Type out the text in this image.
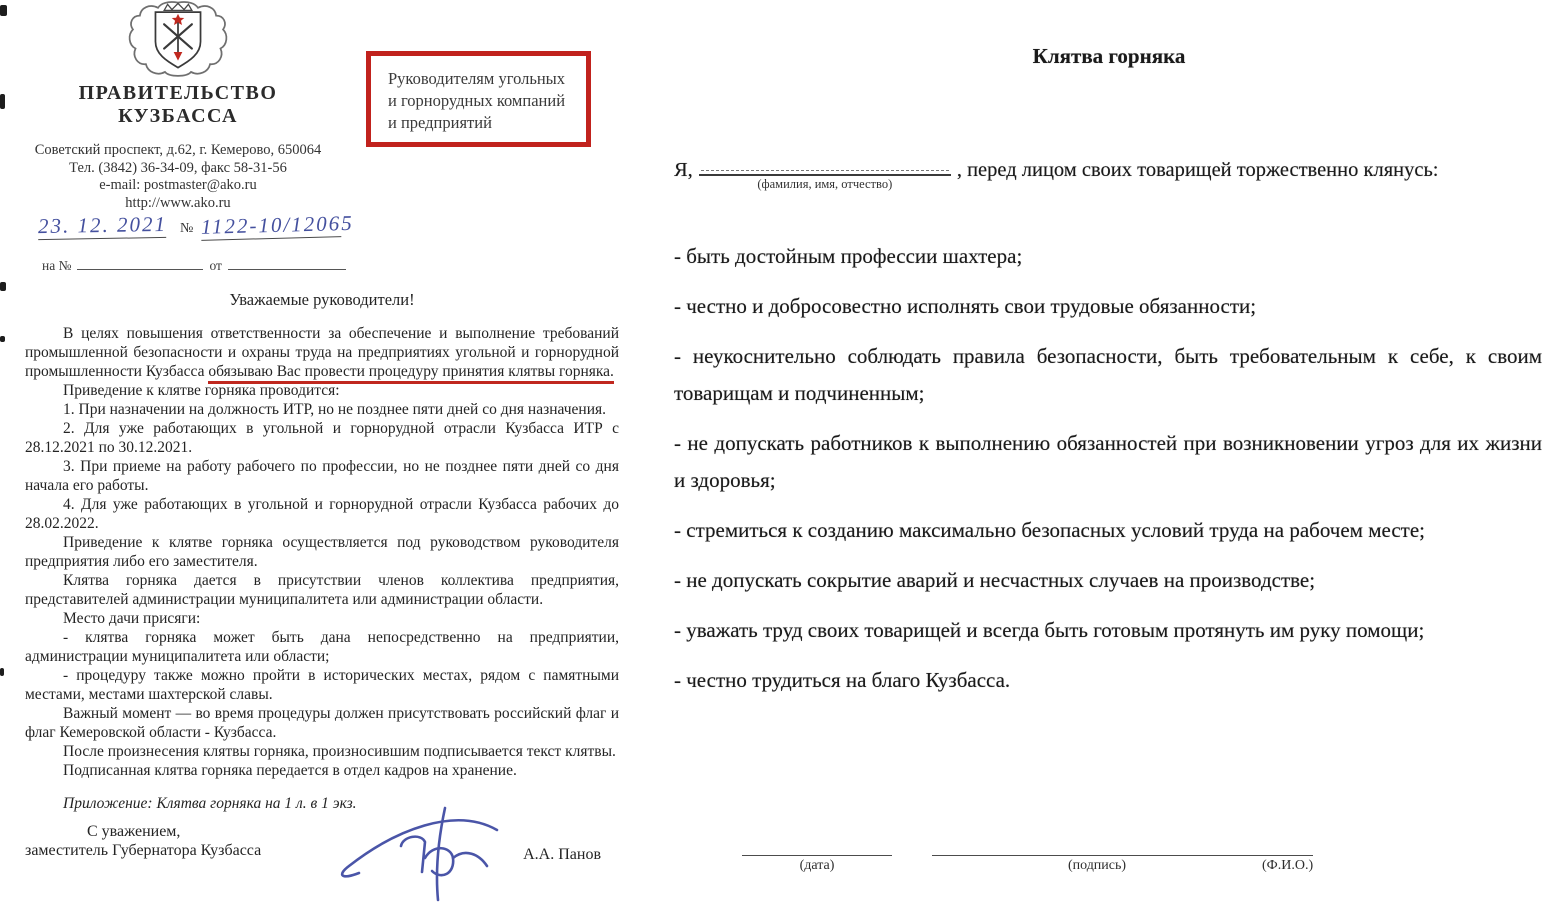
ПРАВИТЕЛЬСТВО
КУЗБАССА
Советский проспект, д.62, г. Кемерово, 650064
Тел. (3842) 36-34-09, факс 58-31-56
e-mail: postmaster@ako.ru
http://www.ako.ru
Руководителям угольных
и горнорудных компаний
и предприятий
23. 12. 2021 № 1122-10/12065
на №	от
Уважаемые руководители!

В целях повышения ответственности за обеспечение и выполнение требований промышленной безопасности и охраны труда на предприятиях угольной и горнорудной промышленности Кузбасса обязываю Вас провести процедуру принятия клятвы горняка.

Приведение к клятве горняка проводится:

1. При назначении на должность ИТР, но не позднее пяти дней со дня назначения.

2. Для уже работающих в угольной и горнорудной отрасли Кузбасса ИТР с 28.12.2021 по 30.12.2021.

3. При приеме на работу рабочего по профессии, но не позднее пяти дней со дня начала его работы.

4. Для уже работающих в угольной и горнорудной отрасли Кузбасса рабочих до 28.02.2022.

Приведение к клятве горняка осуществляется под руководством руководителя предприятия либо его заместителя.

Клятва горняка дается в присутствии членов коллектива предприятия, представителей администрации муниципалитета или администрации области.

Место дачи присяги:

- клятва горняка может быть дана непосредственно на предприятии, администрации муниципалитета или области;

- процедуру также можно пройти в исторических местах, рядом с памятными местами, местами шахтерской славы.

Важный момент — во время процедуры должен присутствовать российский флаг и флаг Кемеровской области - Кузбасса.

После произнесения клятвы горняка, произносившим подписывается текст клятвы.

Подписанная клятва горняка передается в отдел кадров на хранение.

Приложение: Клятва горняка на 1 л. в 1 экз.

С уважением,
заместитель Губернатора Кузбасса	А.А. Панов
Клятва горняка
Я,
(фамилия, имя, отчество)
, перед лицом своих товарищей торжественно клянусь:

- быть достойным профессии шахтера;

- честно и добросовестно исполнять свои трудовые обязанности;

- неукоснительно соблюдать правила безопасности, быть требовательным к себе, к своим товарищам и подчиненным;

- не допускать работников к выполнению обязанностей при возникновении угроз для их жизни и здоровья;

- стремиться к созданию максимально безопасных условий труда на рабочем месте;

- не допускать сокрытие аварий и несчастных случаев на производстве;

- уважать труд своих товарищей и всегда быть готовым протянуть им руку помощи;

- честно трудиться на благо Кузбасса.

(дата)	(подпись)	(Ф.И.О.)
